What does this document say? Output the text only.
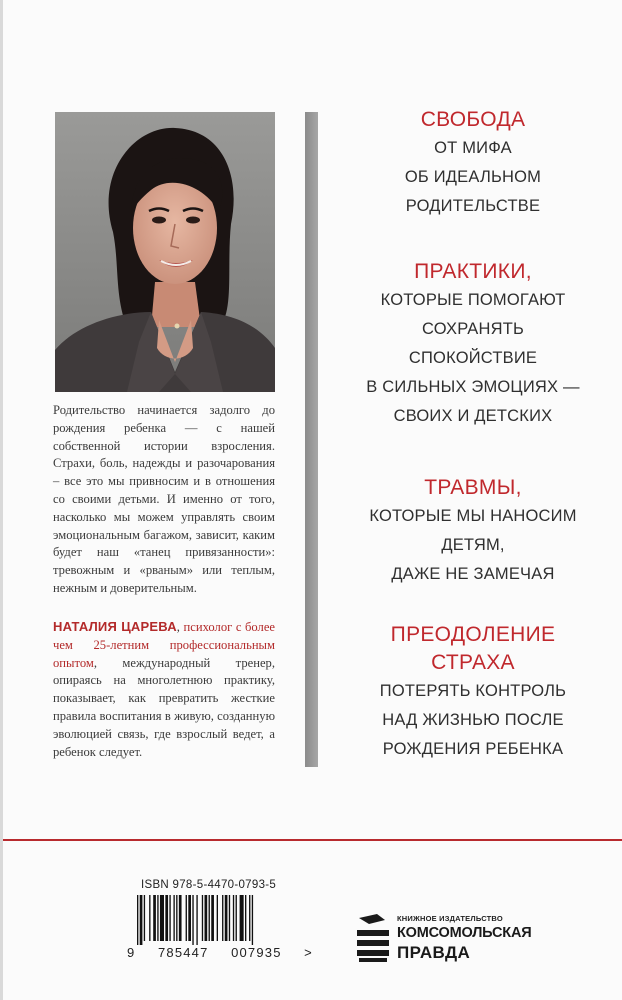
Родительство начинается задолго до рождения ребенка — с нашей собственной истории взросления. Страхи, боль, надежды и разочарования – все это мы привносим и в отношения со своими детьми. И именно от того, насколько мы можем управлять своим эмоциональным багажом, зависит, каким будет наш «танец привязанности»: тревожным и «рваным» или теплым, нежным и доверительным.

НАТАЛИЯ ЦАРЕВА, психолог с более чем 25-летним профессиональным опытом, международный тренер, опираясь на многолетнюю практику, показывает, как превратить жесткие правила воспитания в живую, созданную эволюцией связь, где взрослый ведет, а ребенок следует.

СВОБОДА
ОТ МИФА
ОБ ИДЕАЛЬНОМ
РОДИТЕЛЬСТВЕ
ПРАКТИКИ,
КОТОРЫЕ ПОМОГАЮТ
СОХРАНЯТЬ
СПОКОЙСТВИЕ
В СИЛЬНЫХ ЭМОЦИЯХ —
СВОИХ И ДЕТСКИХ
ТРАВМЫ,
КОТОРЫЕ МЫ НАНОСИМ
ДЕТЯМ,
ДАЖЕ НЕ ЗАМЕЧАЯ
ПРЕОДОЛЕНИЕ
СТРАХА
ПОТЕРЯТЬ КОНТРОЛЬ
НАД ЖИЗНЬЮ ПОСЛЕ
РОЖДЕНИЯ РЕБЕНКА
ISBN 978-5-4470-0793-5
9 785447 007935 >
КНИЖНОЕ ИЗДАТЕЛЬСТВО
КОМСОМОЛЬСКАЯ
ПРАВДА
